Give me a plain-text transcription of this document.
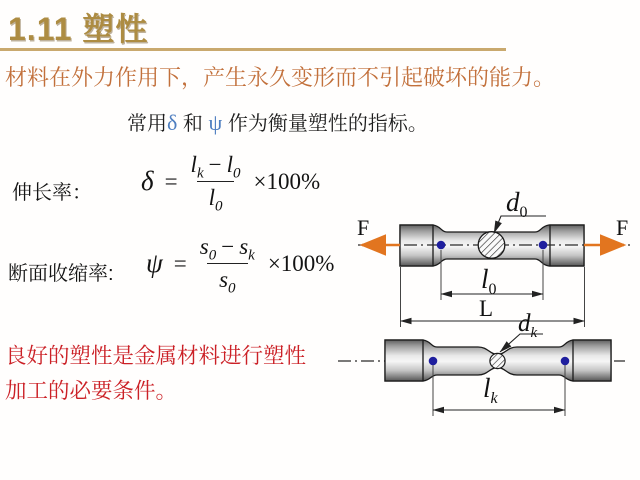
1.11 塑性
材料在外力作用下，产生永久变形而不引起破坏的能力。
常用δ 和 ψ 作为衡量塑性的指标。
伸长率： $\delta = \frac{l_k - l_0}{l_0} \times 100\%$
断面收缩率: $\psi = \frac{s_0 - s_k}{s_0} \times 100\%$
良好的塑性是金属材料进行塑性
加工的必要条件。
F	F
$d_0$
$l_0$
L
$d_k$
$l_k$
